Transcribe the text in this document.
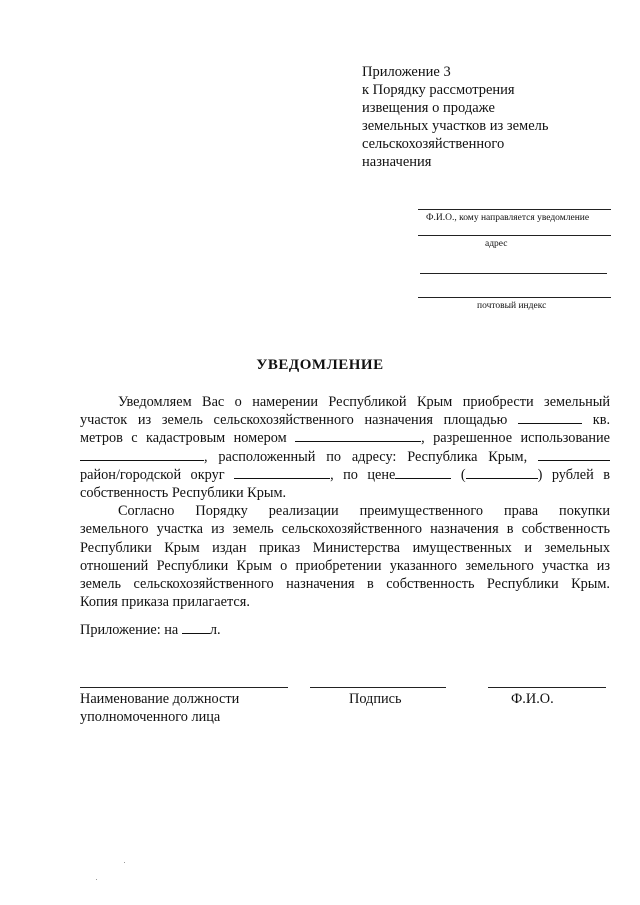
Приложение 3
к Порядку рассмотрения
извещения о продаже
земельных участков из земель
сельскохозяйственного
назначения
Ф.И.О., кому направляется уведомление
адрес
почтовый индекс
УВЕДОМЛЕНИЕ

Уведомляем Вас о намерении Республикой Крым приобрести земельный

участок из земель сельскохозяйственного назначения площадью	кв.
метров с кадастровым номером	, разрешенное использование
, расположенный по адресу: Республика Крым,
район/городской округ	, по цене	(	) рублей в
собственность Республики Крым.

Согласно Порядку реализации преимущественного права покупки

земельного участка из земель сельскохозяйственного назначения в собственность
Республики Крым издан приказ Министерства имущественных и земельных
отношений Республики Крым о приобретении указанного земельного участка из
земель сельскохозяйственного назначения в собственность Республики Крым.
Копия приказа прилагается.
Приложение: на л.
Наименование должности
уполномоченного лица
Подпись	Ф.И.О.
